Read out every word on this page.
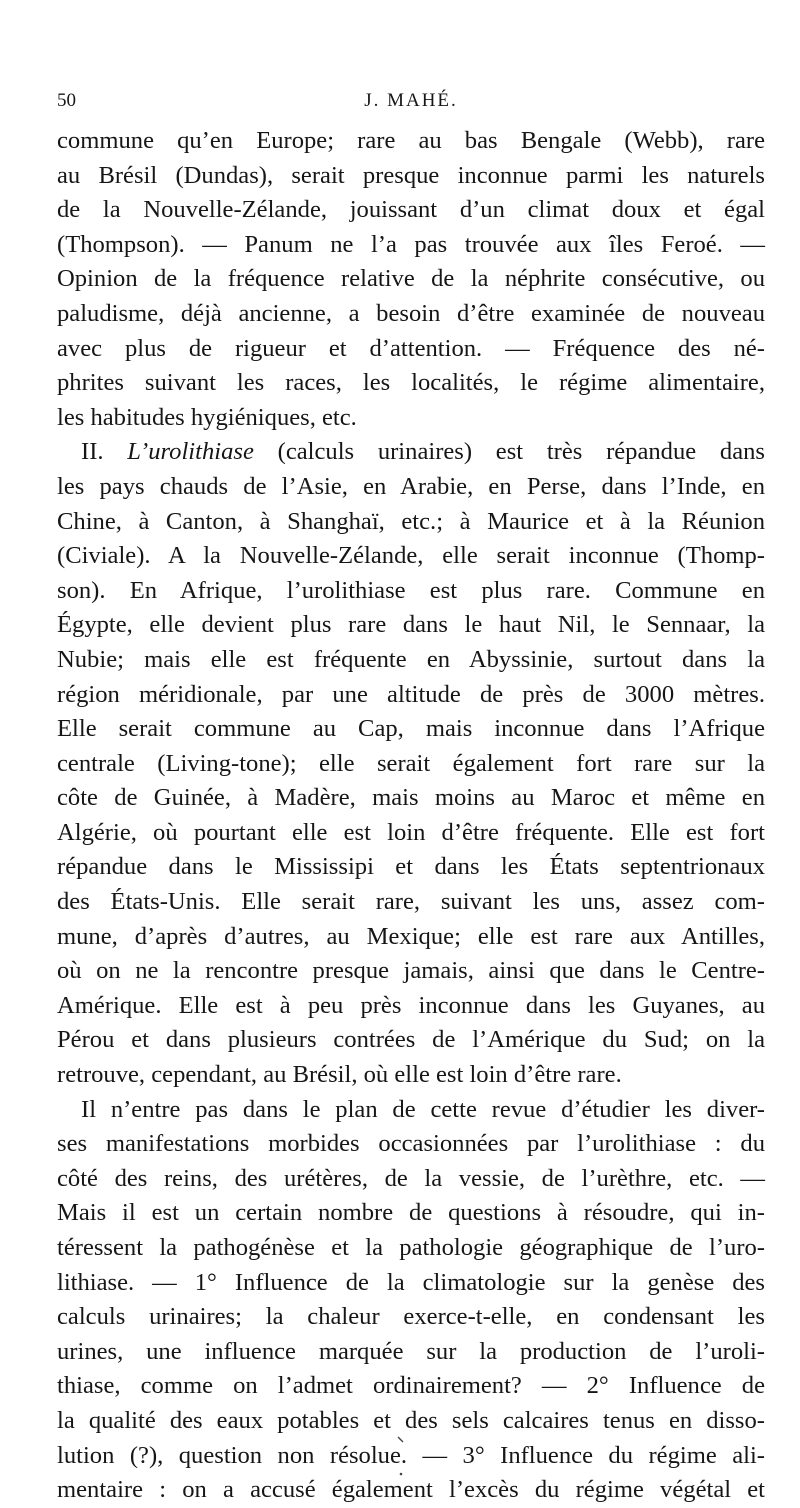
50	J. MAHÉ.
commune qu’en Europe; rare au bas Bengale (Webb), rare
au Brésil (Dundas), serait presque inconnue parmi les naturels
de la Nouvelle-Zélande, jouissant d’un climat doux et égal
(Thompson). — Panum ne l’a pas trouvée aux îles Feroé. —
Opinion de la fréquence relative de la néphrite consécutive, ou
paludisme, déjà ancienne, a besoin d’être examinée de nouveau
avec plus de rigueur et d’attention. — Fréquence des né-
phrites suivant les races, les localités, le régime alimentaire,
les habitudes hygiéniques, etc.
II. L’urolithiase (calculs urinaires) est très répandue dans
les pays chauds de l’Asie, en Arabie, en Perse, dans l’Inde, en
Chine, à Canton, à Shanghaï, etc.; à Maurice et à la Réunion
(Civiale). A la Nouvelle-Zélande, elle serait inconnue (Thomp-
son). En Afrique, l’urolithiase est plus rare. Commune en
Égypte, elle devient plus rare dans le haut Nil, le Sennaar, la
Nubie; mais elle est fréquente en Abyssinie, surtout dans la
région méridionale, par une altitude de près de 3000 mètres.
Elle serait commune au Cap, mais inconnue dans l’Afrique
centrale (Living-tone); elle serait également fort rare sur la
côte de Guinée, à Madère, mais moins au Maroc et même en
Algérie, où pourtant elle est loin d’être fréquente. Elle est fort
répandue dans le Mississipi et dans les États septentrionaux
des États-Unis. Elle serait rare, suivant les uns, assez com-
mune, d’après d’autres, au Mexique; elle est rare aux Antilles,
où on ne la rencontre presque jamais, ainsi que dans le Centre-
Amérique. Elle est à peu près inconnue dans les Guyanes, au
Pérou et dans plusieurs contrées de l’Amérique du Sud; on la
retrouve, cependant, au Brésil, où elle est loin d’être rare.
Il n’entre pas dans le plan de cette revue d’étudier les diver-
ses manifestations morbides occasionnées par l’urolithiase : du
côté des reins, des urétères, de la vessie, de l’urèthre, etc. —
Mais il est un certain nombre de questions à résoudre, qui in-
téressent la pathogénèse et la pathologie géographique de l’uro-
lithiase. — 1° Influence de la climatologie sur la genèse des
calculs urinaires; la chaleur exerce-t-elle, en condensant les
urines, une influence marquée sur la production de l’uroli-
thiase, comme on l’admet ordinairement? — 2° Influence de
la qualité des eaux potables et des sels calcaires tenus en disso-
lution (?), question non résolue. — 3° Influence du régime ali-
mentaire : on a accusé également l’excès du régime végétal et
